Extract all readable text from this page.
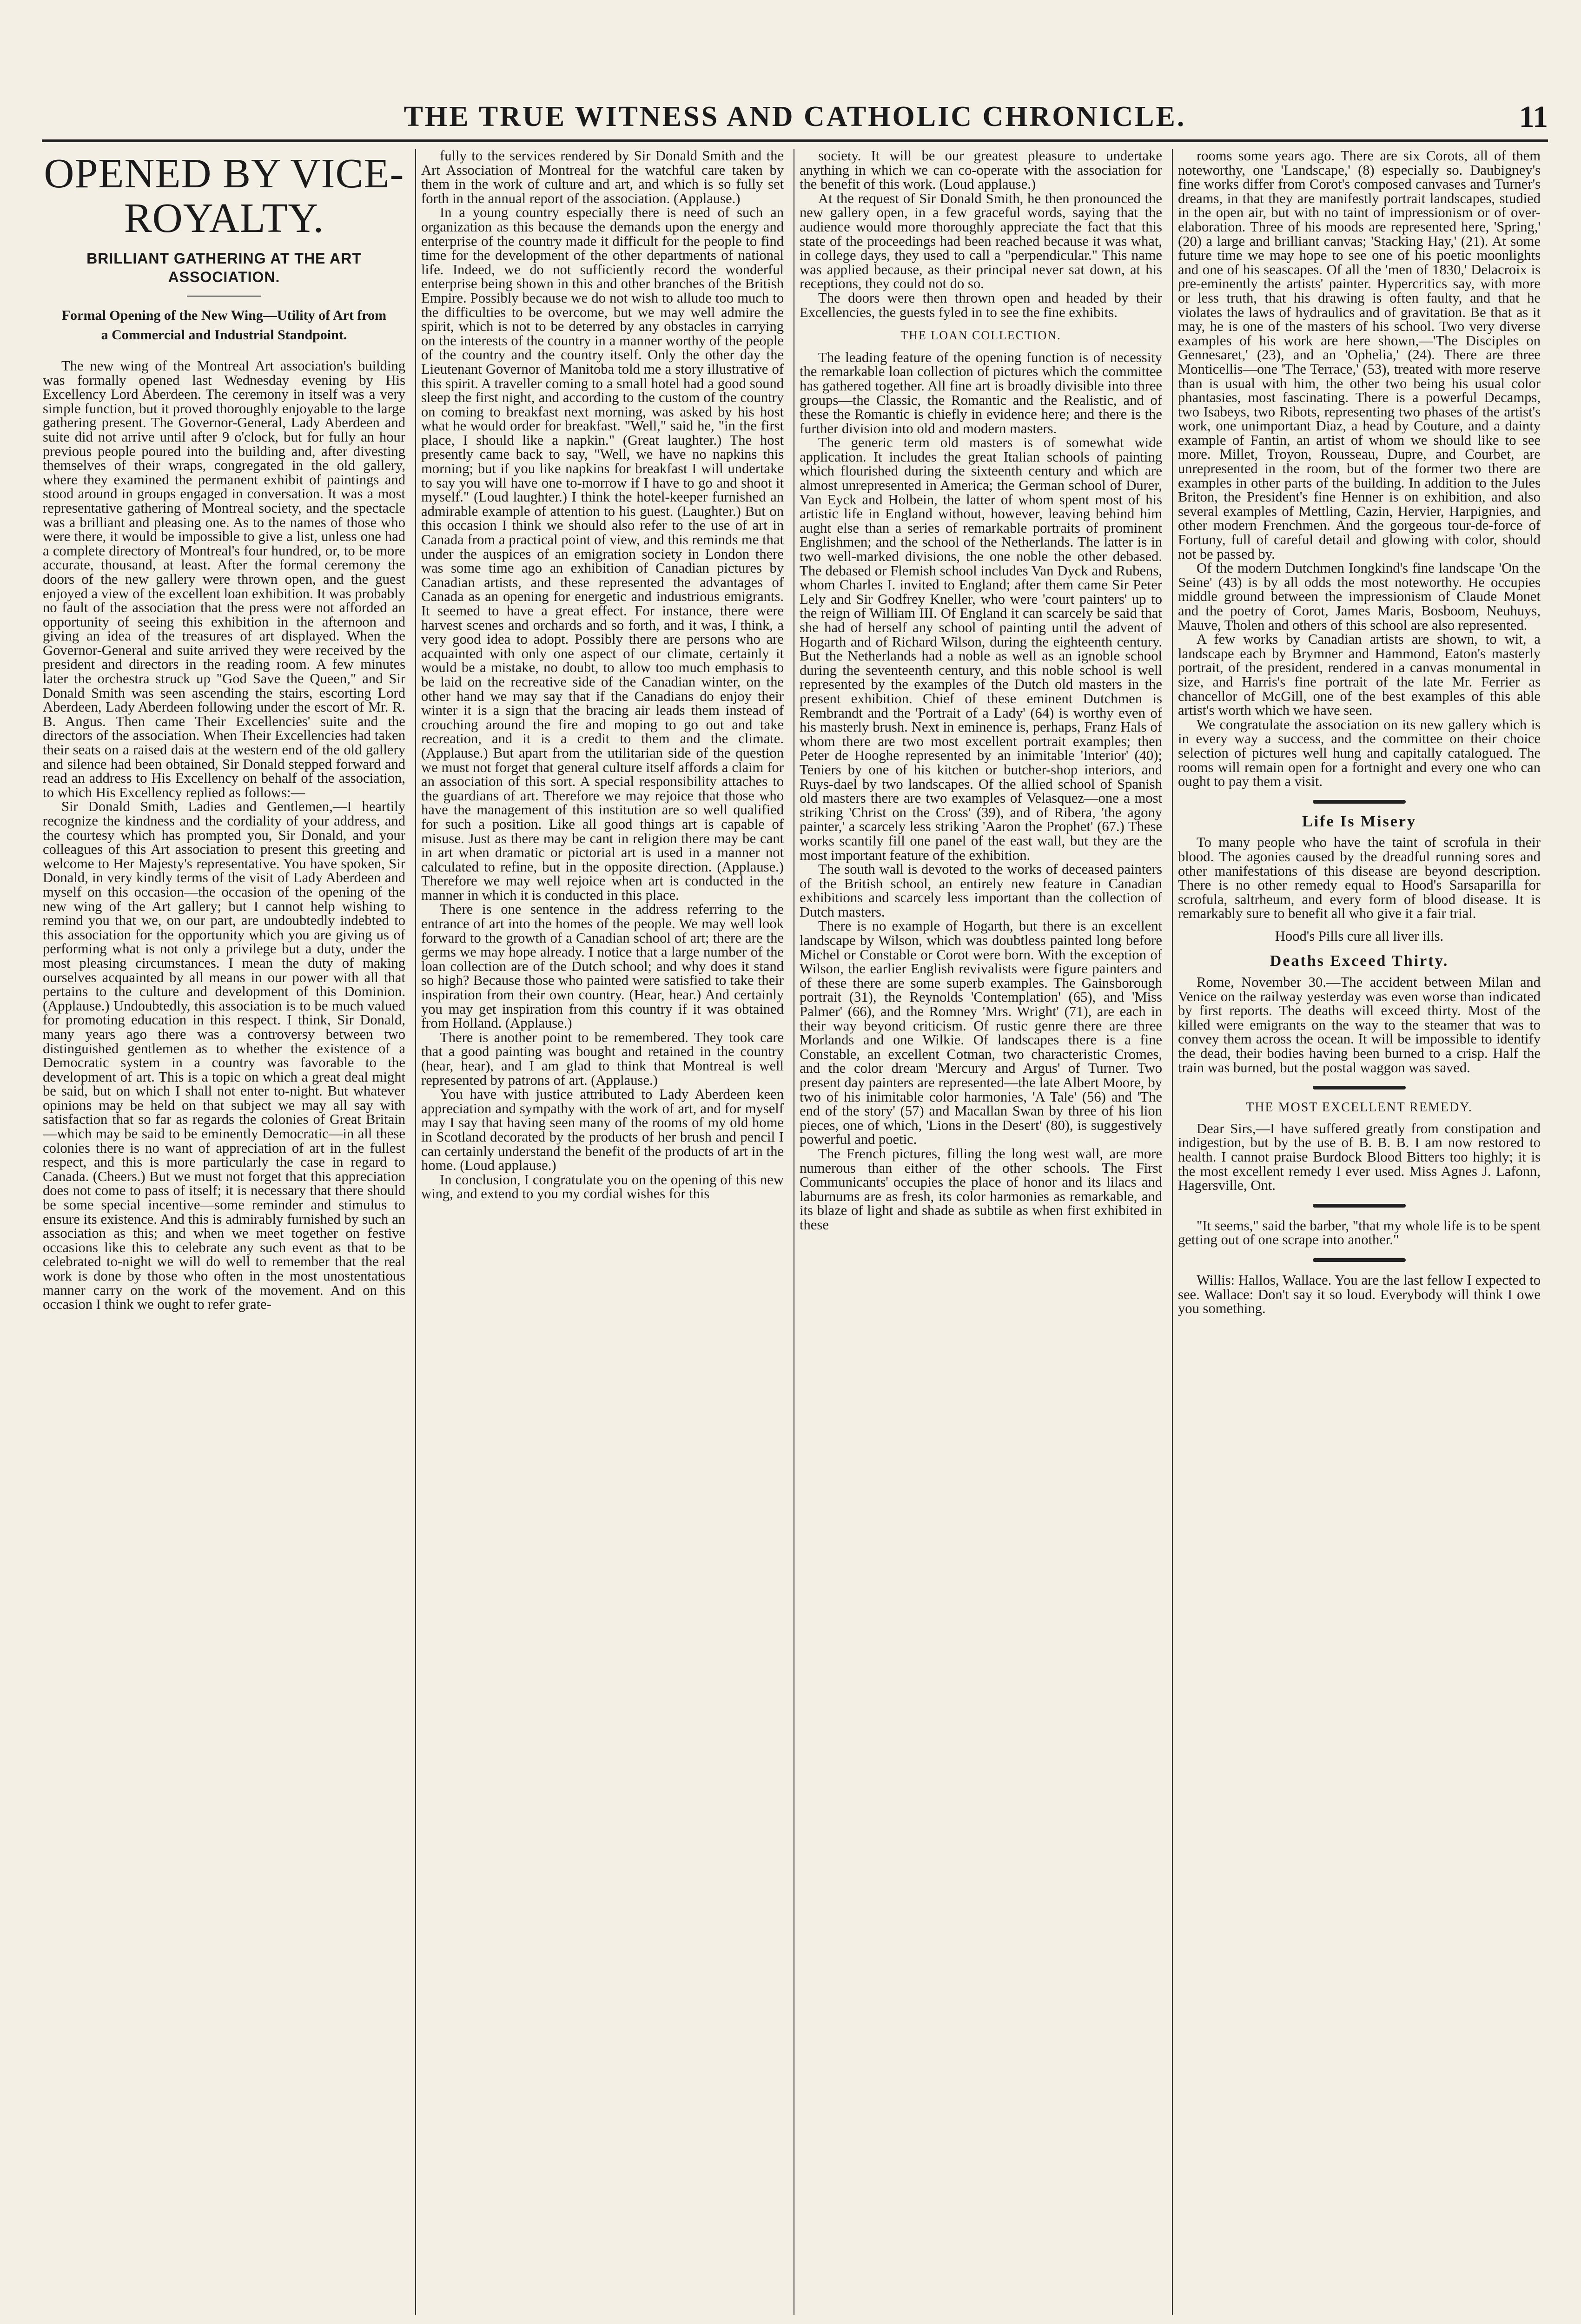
THE TRUE WITNESS AND CATHOLIC CHRONICLE.	11
OPENED BY VICE-ROYALTY.
BRILLIANT GATHERING AT THE ART ASSOCIATION.
Formal Opening of the New Wing—Utility of Art from a Commercial and Industrial Standpoint.

The new wing of the Montreal Art association's building was formally opened last Wednesday evening by His Excellency Lord Aberdeen. The ceremony in itself was a very simple function, but it proved thoroughly enjoyable to the large gathering present. The Governor-General, Lady Aberdeen and suite did not arrive until after 9 o'clock, but for fully an hour previous people poured into the building and, after divesting themselves of their wraps, congregated in the old gallery, where they examined the permanent exhibit of paintings and stood around in groups engaged in conversation. It was a most representative gathering of Montreal society, and the spectacle was a brilliant and pleasing one. As to the names of those who were there, it would be impossible to give a list, unless one had a complete directory of Montreal's four hundred, or, to be more accurate, thousand, at least. After the formal ceremony the doors of the new gallery were thrown open, and the guest enjoyed a view of the excellent loan exhibition. It was probably no fault of the association that the press were not afforded an opportunity of seeing this exhibition in the afternoon and giving an idea of the treasures of art displayed. When the Governor-General and suite arrived they were received by the president and directors in the reading room. A few minutes later the orchestra struck up "God Save the Queen," and Sir Donald Smith was seen ascending the stairs, escorting Lord Aberdeen, Lady Aberdeen following under the escort of Mr. R. B. Angus. Then came Their Excellencies' suite and the directors of the association. When Their Excellencies had taken their seats on a raised dais at the western end of the old gallery and silence had been obtained, Sir Donald stepped forward and read an address to His Excellency on behalf of the association, to which His Excellency replied as follows:—

Sir Donald Smith, Ladies and Gentlemen,—I heartily recognize the kindness and the cordiality of your address, and the courtesy which has prompted you, Sir Donald, and your colleagues of this Art association to present this greeting and welcome to Her Majesty's representative. You have spoken, Sir Donald, in very kindly terms of the visit of Lady Aberdeen and myself on this occasion—the occasion of the opening of the new wing of the Art gallery; but I cannot help wishing to remind you that we, on our part, are undoubtedly indebted to this association for the opportunity which you are giving us of performing what is not only a privilege but a duty, under the most pleasing circumstances. I mean the duty of making ourselves acquainted by all means in our power with all that pertains to the culture and development of this Dominion. (Applause.) Undoubtedly, this association is to be much valued for promoting education in this respect. I think, Sir Donald, many years ago there was a controversy between two distinguished gentlemen as to whether the existence of a Democratic system in a country was favorable to the development of art. This is a topic on which a great deal might be said, but on which I shall not enter to-night. But whatever opinions may be held on that subject we may all say with satisfaction that so far as regards the colonies of Great Britain—which may be said to be eminently Democratic—in all these colonies there is no want of appreciation of art in the fullest respect, and this is more particularly the case in regard to Canada. (Cheers.) But we must not forget that this appreciation does not come to pass of itself; it is necessary that there should be some special incentive—some reminder and stimulus to ensure its existence. And this is admirably furnished by such an association as this; and when we meet together on festive occasions like this to celebrate any such event as that to be celebrated to-night we will do well to remember that the real work is done by those who often in the most unostentatious manner carry on the work of the movement. And on this occasion I think we ought to refer grate-

fully to the services rendered by Sir Donald Smith and the Art Association of Montreal for the watchful care taken by them in the work of culture and art, and which is so fully set forth in the annual report of the association. (Applause.)

In a young country especially there is need of such an organization as this because the demands upon the energy and enterprise of the country made it difficult for the people to find time for the development of the other departments of national life. Indeed, we do not sufficiently record the wonderful enterprise being shown in this and other branches of the British Empire. Possibly because we do not wish to allude too much to the difficulties to be overcome, but we may well admire the spirit, which is not to be deterred by any obstacles in carrying on the interests of the country in a manner worthy of the people of the country and the country itself. Only the other day the Lieutenant Governor of Manitoba told me a story illustrative of this spirit. A traveller coming to a small hotel had a good sound sleep the first night, and according to the custom of the country on coming to breakfast next morning, was asked by his host what he would order for breakfast. "Well," said he, "in the first place, I should like a napkin." (Great laughter.) The host presently came back to say, "Well, we have no napkins this morning; but if you like napkins for breakfast I will undertake to say you will have one to-morrow if I have to go and shoot it myself." (Loud laughter.) I think the hotel-keeper furnished an admirable example of attention to his guest. (Laughter.) But on this occasion I think we should also refer to the use of art in Canada from a practical point of view, and this reminds me that under the auspices of an emigration society in London there was some time ago an exhibition of Canadian pictures by Canadian artists, and these represented the advantages of Canada as an opening for energetic and industrious emigrants. It seemed to have a great effect. For instance, there were harvest scenes and orchards and so forth, and it was, I think, a very good idea to adopt. Possibly there are persons who are acquainted with only one aspect of our climate, certainly it would be a mistake, no doubt, to allow too much emphasis to be laid on the recreative side of the Canadian winter, on the other hand we may say that if the Canadians do enjoy their winter it is a sign that the bracing air leads them instead of crouching around the fire and moping to go out and take recreation, and it is a credit to them and the climate. (Applause.) But apart from the utilitarian side of the question we must not forget that general culture itself affords a claim for an association of this sort. A special responsibility attaches to the guardians of art. Therefore we may rejoice that those who have the management of this institution are so well qualified for such a position. Like all good things art is capable of misuse. Just as there may be cant in religion there may be cant in art when dramatic or pictorial art is used in a manner not calculated to refine, but in the opposite direction. (Applause.) Therefore we may well rejoice when art is conducted in the manner in which it is conducted in this place.

There is one sentence in the address referring to the entrance of art into the homes of the people. We may well look forward to the growth of a Canadian school of art; there are the germs we may hope already. I notice that a large number of the loan collection are of the Dutch school; and why does it stand so high? Because those who painted were satisfied to take their inspiration from their own country. (Hear, hear.) And certainly you may get inspiration from this country if it was obtained from Holland. (Applause.)

There is another point to be remembered. They took care that a good painting was bought and retained in the country (hear, hear), and I am glad to think that Montreal is well represented by patrons of art. (Applause.)

You have with justice attributed to Lady Aberdeen keen appreciation and sympathy with the work of art, and for myself may I say that having seen many of the rooms of my old home in Scotland decorated by the products of her brush and pencil I can certainly understand the benefit of the products of art in the home. (Loud applause.)

In conclusion, I congratulate you on the opening of this new wing, and extend to you my cordial wishes for this

society. It will be our greatest pleasure to undertake anything in which we can co-operate with the association for the benefit of this work. (Loud applause.)

At the request of Sir Donald Smith, he then pronounced the new gallery open, in a few graceful words, saying that the audience would more thoroughly appreciate the fact that this state of the proceedings had been reached because it was what, in college days, they used to call a "perpendicular." This name was applied because, as their principal never sat down, at his receptions, they could not do so.

The doors were then thrown open and headed by their Excellencies, the guests fyled in to see the fine exhibits.

THE LOAN COLLECTION.

The leading feature of the opening function is of necessity the remarkable loan collection of pictures which the committee has gathered together. All fine art is broadly divisible into three groups—the Classic, the Romantic and the Realistic, and of these the Romantic is chiefly in evidence here; and there is the further division into old and modern masters.

The generic term old masters is of somewhat wide application. It includes the great Italian schools of painting which flourished during the sixteenth century and which are almost unrepresented in America; the German school of Durer, Van Eyck and Holbein, the latter of whom spent most of his artistic life in England without, however, leaving behind him aught else than a series of remarkable portraits of prominent Englishmen; and the school of the Netherlands. The latter is in two well-marked divisions, the one noble the other debased. The debased or Flemish school includes Van Dyck and Rubens, whom Charles I. invited to England; after them came Sir Peter Lely and Sir Godfrey Kneller, who were 'court painters' up to the reign of William III. Of England it can scarcely be said that she had of herself any school of painting until the advent of Hogarth and of Richard Wilson, during the eighteenth century. But the Netherlands had a noble as well as an ignoble school during the seventeenth century, and this noble school is well represented by the examples of the Dutch old masters in the present exhibition. Chief of these eminent Dutchmen is Rembrandt and the 'Portrait of a Lady' (64) is worthy even of his masterly brush. Next in eminence is, perhaps, Franz Hals of whom there are two most excellent portrait examples; then Peter de Hooghe represented by an inimitable 'Interior' (40); Teniers by one of his kitchen or butcher-shop interiors, and Ruys-dael by two landscapes. Of the allied school of Spanish old masters there are two examples of Velasquez—one a most striking 'Christ on the Cross' (39), and of Ribera, 'the agony painter,' a scarcely less striking 'Aaron the Prophet' (67.) These works scantily fill one panel of the east wall, but they are the most important feature of the exhibition.

The south wall is devoted to the works of deceased painters of the British school, an entirely new feature in Canadian exhibitions and scarcely less important than the collection of Dutch masters.

There is no example of Hogarth, but there is an excellent landscape by Wilson, which was doubtless painted long before Michel or Constable or Corot were born. With the exception of Wilson, the earlier English revivalists were figure painters and of these there are some superb examples. The Gainsborough portrait (31), the Reynolds 'Contemplation' (65), and 'Miss Palmer' (66), and the Romney 'Mrs. Wright' (71), are each in their way beyond criticism. Of rustic genre there are three Morlands and one Wilkie. Of landscapes there is a fine Constable, an excellent Cotman, two characteristic Cromes, and the color dream 'Mercury and Argus' of Turner. Two present day painters are represented—the late Albert Moore, by two of his inimitable color harmonies, 'A Tale' (56) and 'The end of the story' (57) and Macallan Swan by three of his lion pieces, one of which, 'Lions in the Desert' (80), is suggestively powerful and poetic.

The French pictures, filling the long west wall, are more numerous than either of the other schools. The First Communicants' occupies the place of honor and its lilacs and laburnums are as fresh, its color harmonies as remarkable, and its blaze of light and shade as subtile as when first exhibited in these

rooms some years ago. There are six Corots, all of them noteworthy, one 'Landscape,' (8) especially so. Daubigney's fine works differ from Corot's composed canvases and Turner's dreams, in that they are manifestly portrait landscapes, studied in the open air, but with no taint of impressionism or of over-elaboration. Three of his moods are represented here, 'Spring,' (20) a large and brilliant canvas; 'Stacking Hay,' (21). At some future time we may hope to see one of his poetic moonlights and one of his seascapes. Of all the 'men of 1830,' Delacroix is pre-eminently the artists' painter. Hypercritics say, with more or less truth, that his drawing is often faulty, and that he violates the laws of hydraulics and of gravitation. Be that as it may, he is one of the masters of his school. Two very diverse examples of his work are here shown,—'The Disciples on Gennesaret,' (23), and an 'Ophelia,' (24). There are three Monticellis—one 'The Terrace,' (53), treated with more reserve than is usual with him, the other two being his usual color phantasies, most fascinating. There is a powerful Decamps, two Isabeys, two Ribots, representing two phases of the artist's work, one unimportant Diaz, a head by Couture, and a dainty example of Fantin, an artist of whom we should like to see more. Millet, Troyon, Rousseau, Dupre, and Courbet, are unrepresented in the room, but of the former two there are examples in other parts of the building. In addition to the Jules Briton, the President's fine Henner is on exhibition, and also several examples of Mettling, Cazin, Hervier, Harpignies, and other modern Frenchmen. And the gorgeous tour-de-force of Fortuny, full of careful detail and glowing with color, should not be passed by.

Of the modern Dutchmen Iongkind's fine landscape 'On the Seine' (43) is by all odds the most noteworthy. He occupies middle ground between the impressionism of Claude Monet and the poetry of Corot, James Maris, Bosboom, Neuhuys, Mauve, Tholen and others of this school are also represented.

A few works by Canadian artists are shown, to wit, a landscape each by Brymner and Hammond, Eaton's masterly portrait, of the president, rendered in a canvas monumental in size, and Harris's fine portrait of the late Mr. Ferrier as chancellor of McGill, one of the best examples of this able artist's worth which we have seen.

We congratulate the association on its new gallery which is in every way a success, and the committee on their choice selection of pictures well hung and capitally catalogued. The rooms will remain open for a fortnight and every one who can ought to pay them a visit.

Life Is Misery

To many people who have the taint of scrofula in their blood. The agonies caused by the dreadful running sores and other manifestations of this disease are beyond description. There is no other remedy equal to Hood's Sarsaparilla for scrofula, saltrheum, and every form of blood disease. It is remarkably sure to benefit all who give it a fair trial.

Hood's Pills cure all liver ills.
Deaths Exceed Thirty.

Rome, November 30.—The accident between Milan and Venice on the railway yesterday was even worse than indicated by first reports. The deaths will exceed thirty. Most of the killed were emigrants on the way to the steamer that was to convey them across the ocean. It will be impossible to identify the dead, their bodies having been burned to a crisp. Half the train was burned, but the postal waggon was saved.

THE MOST EXCELLENT REMEDY.

Dear Sirs,—I have suffered greatly from constipation and indigestion, but by the use of B. B. B. I am now restored to health. I cannot praise Burdock Blood Bitters too highly; it is the most excellent remedy I ever used. Miss Agnes J. Lafonn, Hagersville, Ont.

"It seems," said the barber, "that my whole life is to be spent getting out of one scrape into another."

Willis: Hallos, Wallace. You are the last fellow I expected to see. Wallace: Don't say it so loud. Everybody will think I owe you something.
